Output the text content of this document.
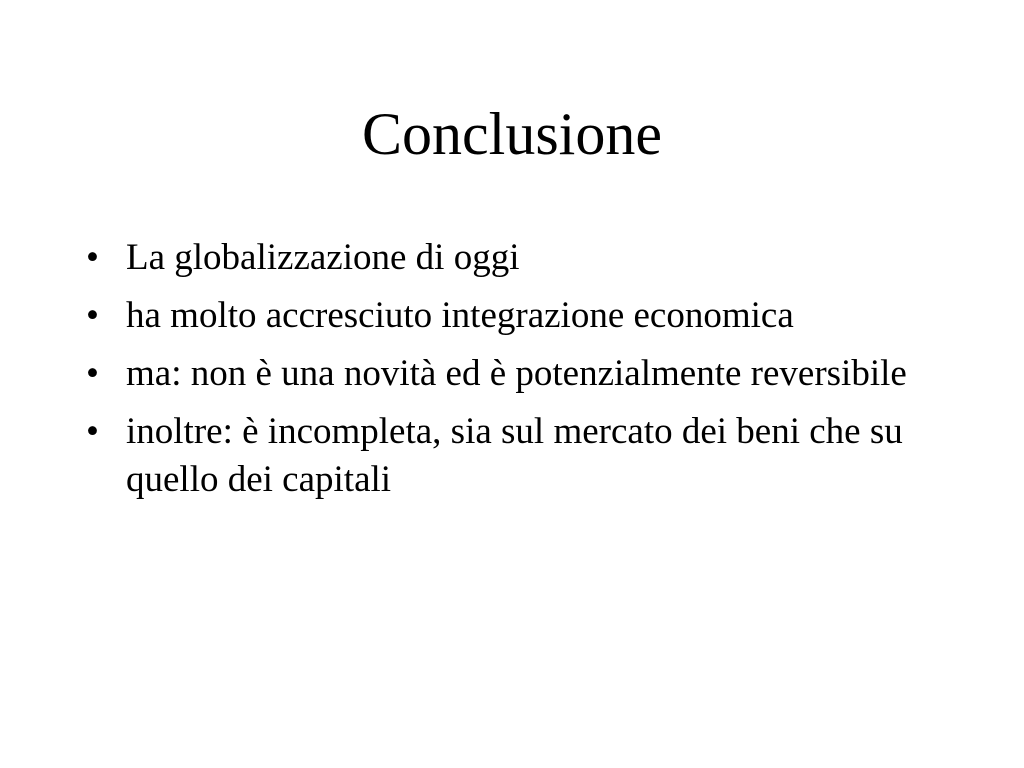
Conclusione
• La globalizzazione di oggi
• ha molto accresciuto integrazione economica
• ma: non è una novità ed è potenzialmente reversibile
• inoltre: è incompleta, sia sul mercato dei beni che su quello dei capitali
